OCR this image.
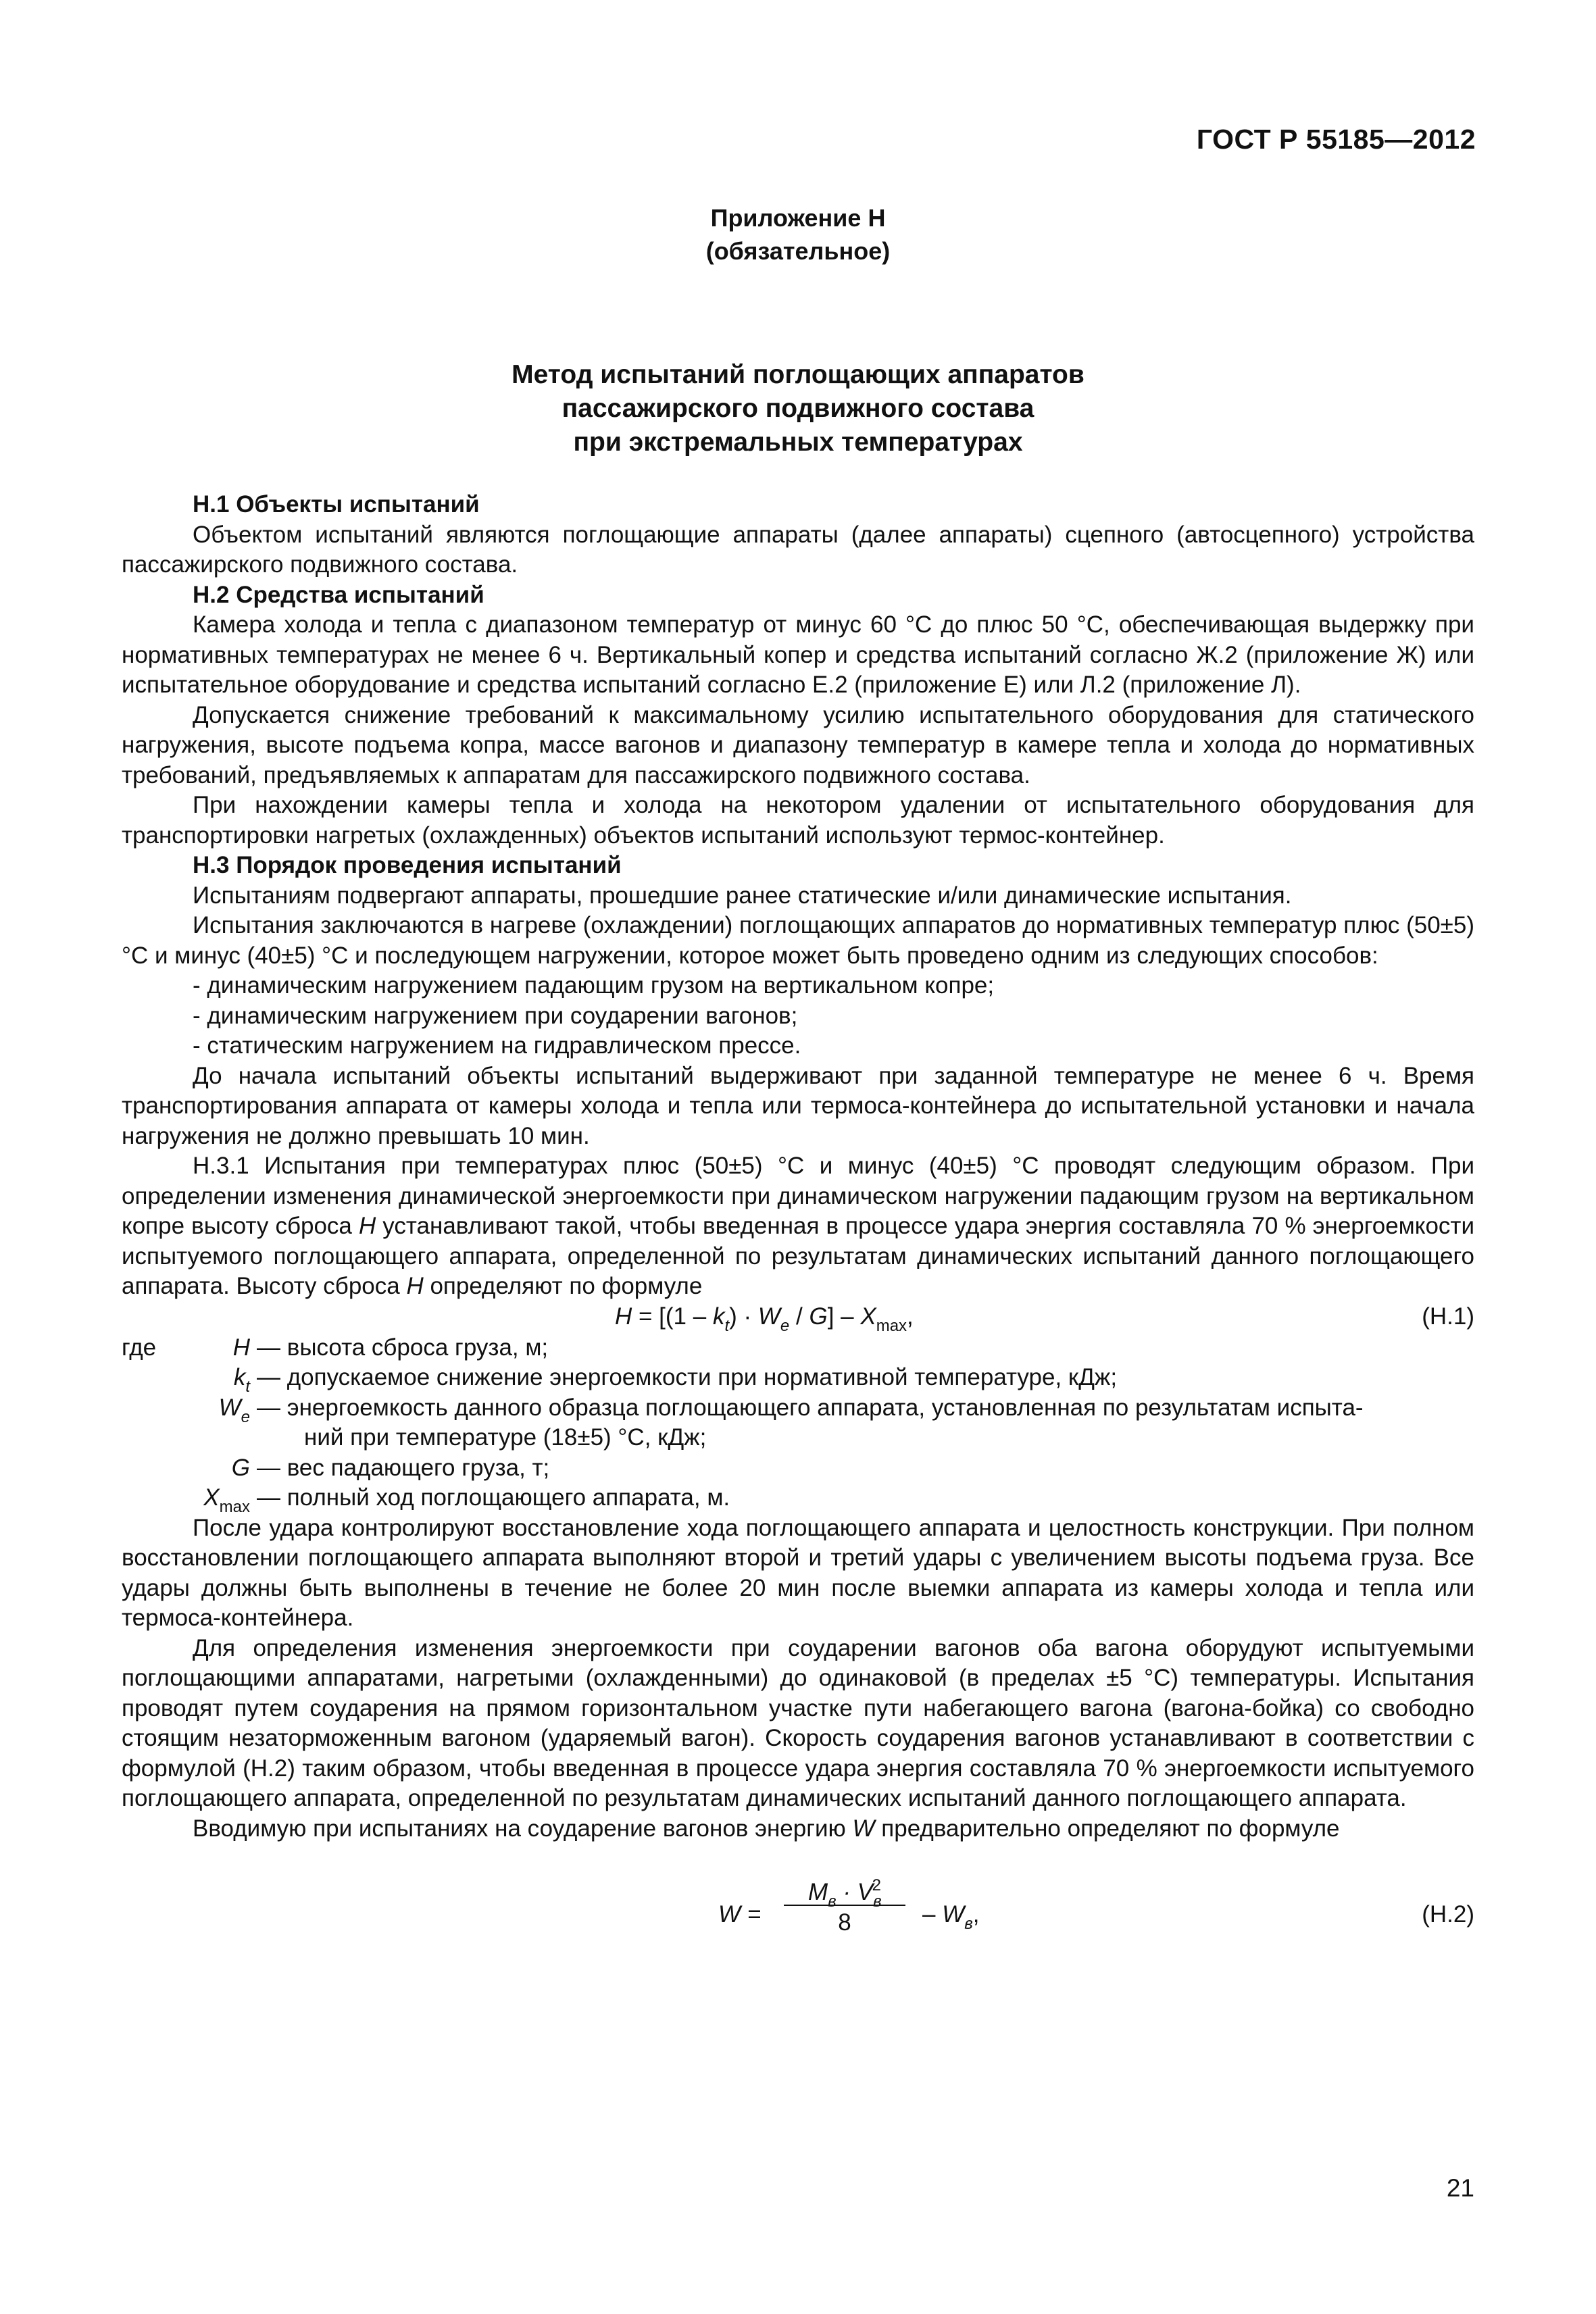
ГОСТ Р 55185—2012
Приложение Н
(обязательное)
Метод испытаний поглощающих аппаратов
пассажирского подвижного состава
при экстремальных температурах

Н.1 Объекты испытаний

Объектом испытаний являются поглощающие аппараты (далее аппараты) сцепного (автосцепного) устройства пассажирского подвижного состава.

Н.2 Средства испытаний

Камера холода и тепла с диапазоном температур от минус 60 °С до плюс 50 °С, обеспечивающая выдержку при нормативных температурах не менее 6 ч. Вертикальный копер и средства испытаний согласно Ж.2 (приложение Ж) или испытательное оборудование и средства испытаний согласно Е.2 (приложение Е) или Л.2 (приложение Л).

Допускается снижение требований к максимальному усилию испытательного оборудования для статического нагружения, высоте подъема копра, массе вагонов и диапазону температур в камере тепла и холода до нормативных требований, предъявляемых к аппаратам для пассажирского подвижного состава.

При нахождении камеры тепла и холода на некотором удалении от испытательного оборудования для транспортировки нагретых (охлажденных) объектов испытаний используют термос-контейнер.

Н.3 Порядок проведения испытаний

Испытаниям подвергают аппараты, прошедшие ранее статические и/или динамические испытания.

Испытания заключаются в нагреве (охлаждении) поглощающих аппаратов до нормативных температур плюс (50±5) °С и минус (40±5) °С и последующем нагружении, которое может быть проведено одним из следующих способов:

- динамическим нагружением падающим грузом на вертикальном копре;

- динамическим нагружением при соударении вагонов;

- статическим нагружением на гидравлическом прессе.

До начала испытаний объекты испытаний выдерживают при заданной температуре не менее 6 ч. Время транспортирования аппарата от камеры холода и тепла или термоса-контейнера до испытательной установки и начала нагружения не должно превышать 10 мин.

Н.3.1 Испытания при температурах плюс (50±5) °С и минус (40±5) °С проводят следующим образом. При определении изменения динамической энергоемкости при динамическом нагружении падающим грузом на вертикальном копре высоту сброса H устанавливают такой, чтобы введенная в процессе удара энергия составляла 70 % энергоемкости испытуемого поглощающего аппарата, определенной по результатам динамических испытаний данного поглощающего аппарата. Высоту сброса H определяют по формуле

$H = [(1 - k_t) \cdot W_e / G] - X_{max}$,	(Н.1)
где	H — высота сброса груза, м;
$k_t$ — допускаемое снижение энергоемкости при нормативной температуре, кДж;
$W_e$ — энергоемкость данного образца поглощающего аппарата, установленная по результатам испыта-
ний при температуре (18±5) °С, кДж;
G — вес падающего груза, т;
$X_{max}$ — полный ход поглощающего аппарата, м.

После удара контролируют восстановление хода поглощающего аппарата и целостность конструкции. При полном восстановлении поглощающего аппарата выполняют второй и третий удары с увеличением высоты подъема груза. Все удары должны быть выполнены в течение не более 20 мин после выемки аппарата из камеры холода и тепла или термоса-контейнера.

Для определения изменения энергоемкости при соударении вагонов оба вагона оборудуют испытуемыми поглощающими аппаратами, нагретыми (охлажденными) до одинаковой (в пределах ±5 °С) температуры. Испытания проводят путем соударения на прямом горизонтальном участке пути набегающего вагона (вагона-бойка) со свободно стоящим незаторможенным вагоном (ударяемый вагон). Скорость соударения вагонов устанавливают в соответствии с формулой (Н.2) таким образом, чтобы введенная в процессе удара энергия составляла 70 % энергоемкости испытуемого поглощающего аппарата, определенной по результатам динамических испытаний данного поглощающего аппарата.

Вводимую при испытаниях на соударение вагонов энергию W предварительно определяют по формуле

W =
$M_в \cdot V_в^2$
8	– $W_в$,	(Н.2)
21
